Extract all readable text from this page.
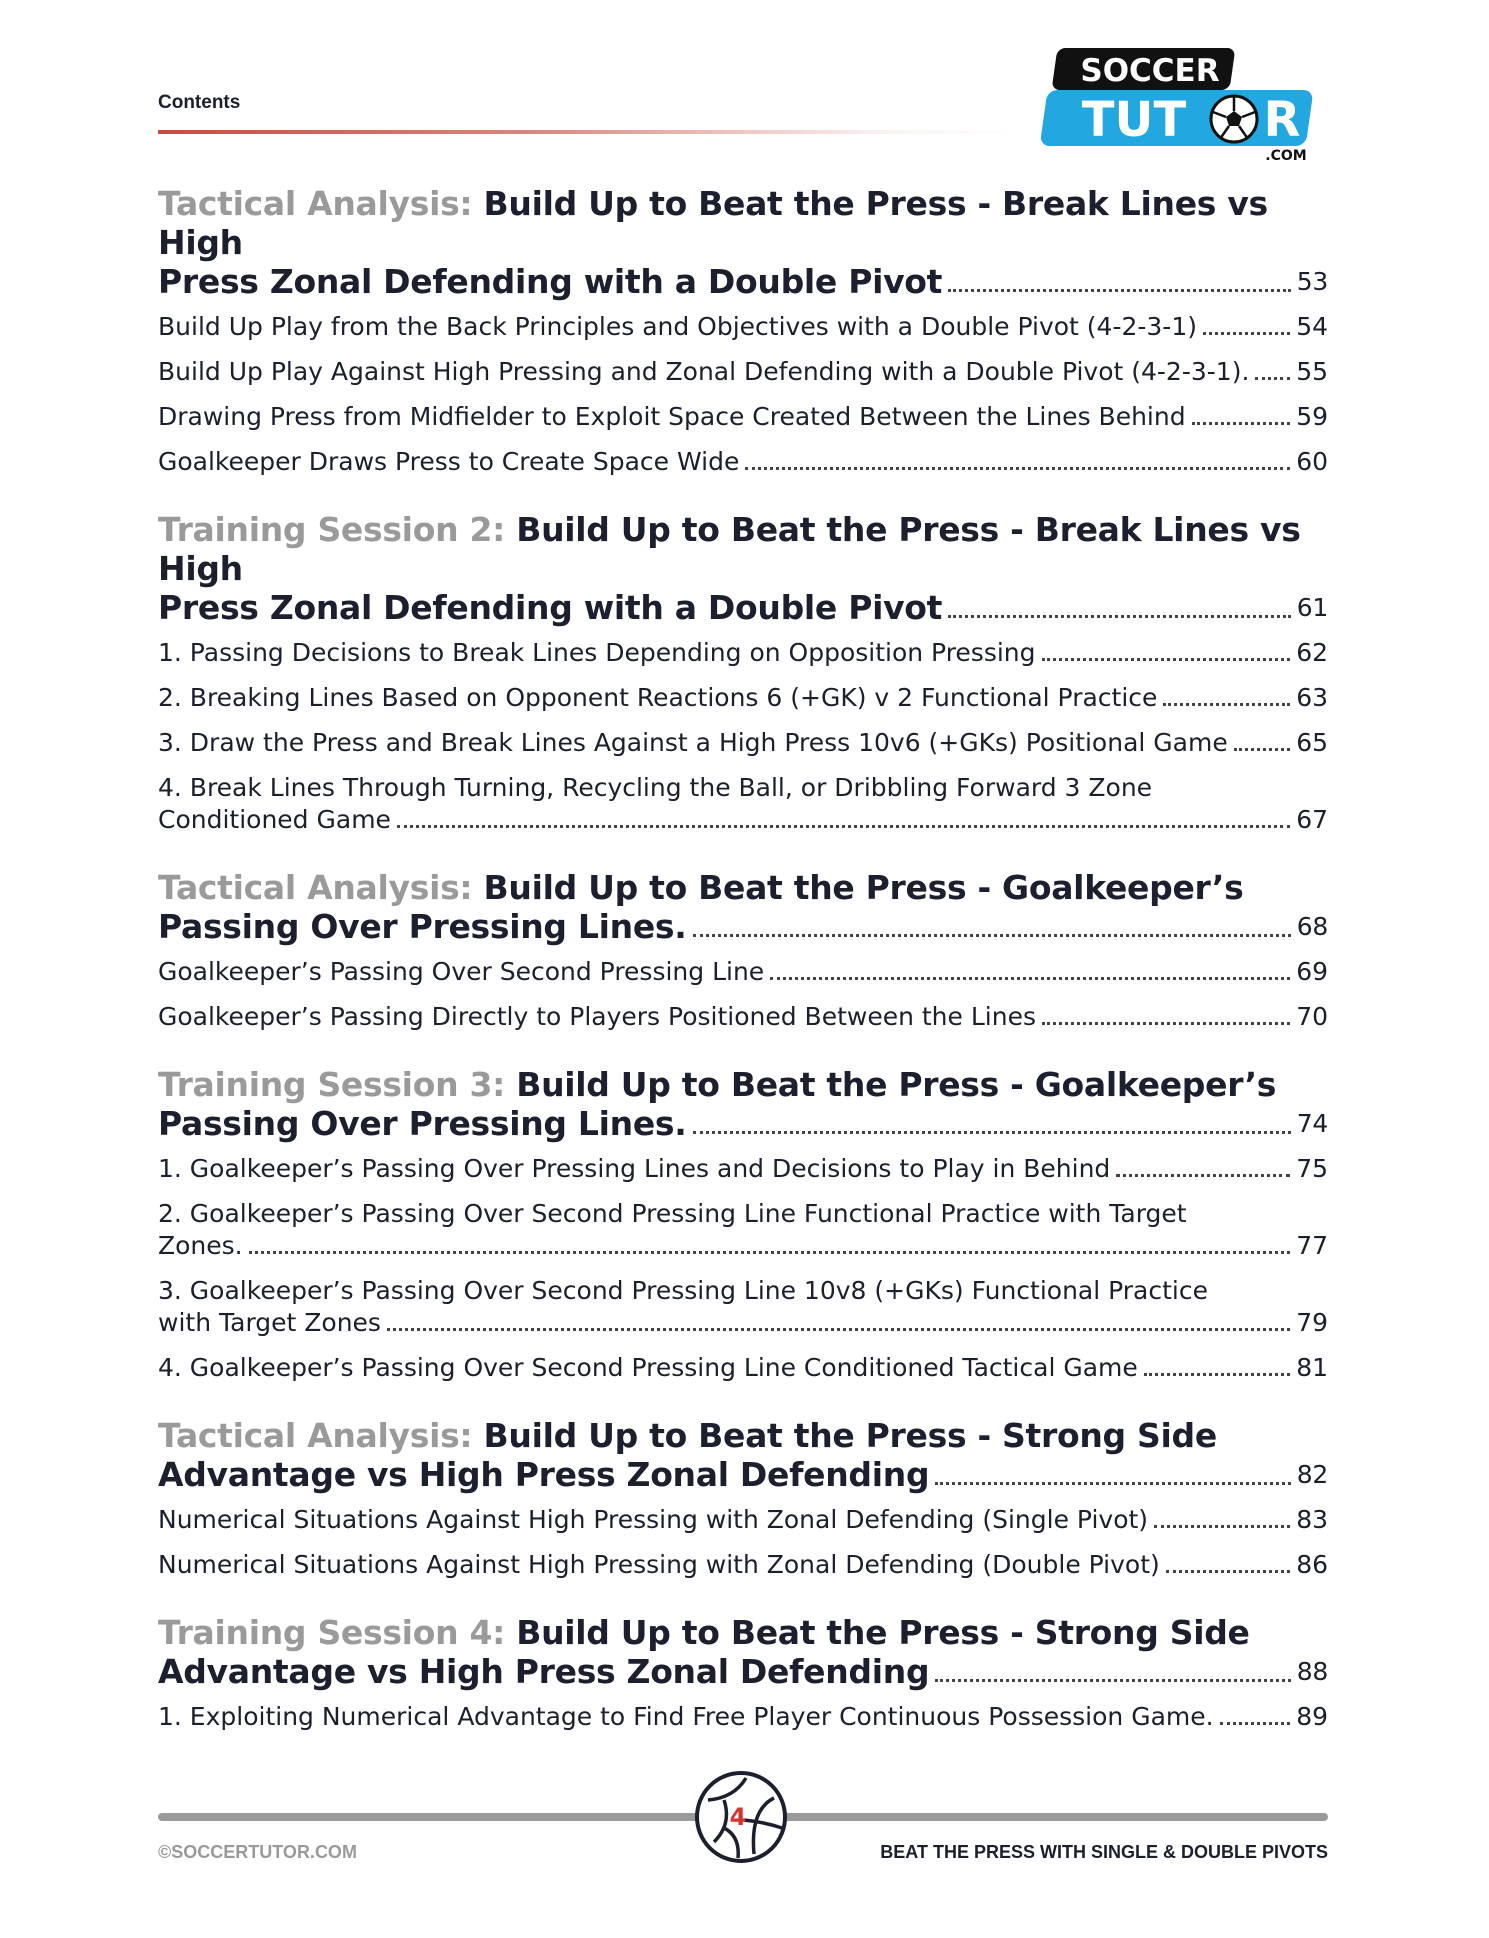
Contents
SOCCER
TUT R
.COM
Tactical Analysis: Build Up to Beat the Press - Break Lines vs High
Press Zonal Defending with a Double Pivot	53
Build Up Play from the Back Principles and Objectives with a Double Pivot (4-2-3-1)	54
Build Up Play Against High Pressing and Zonal Defending with a Double Pivot (4-2-3-1). 55
Drawing Press from Midfielder to Exploit Space Created Between the Lines Behind	59
Goalkeeper Draws Press to Create Space Wide	60
Training Session 2: Build Up to Beat the Press - Break Lines vs High
Press Zonal Defending with a Double Pivot	61
1. Passing Decisions to Break Lines Depending on Opposition Pressing	62
2. Breaking Lines Based on Opponent Reactions 6 (+GK) v 2 Functional Practice	63
3. Draw the Press and Break Lines Against a High Press 10v6 (+GKs) Positional Game	65
4. Break Lines Through Turning, Recycling the Ball, or Dribbling Forward 3 Zone
Conditioned Game	67
Tactical Analysis: Build Up to Beat the Press - Goalkeeper’s
Passing Over Pressing Lines.	68
Goalkeeper’s Passing Over Second Pressing Line	69
Goalkeeper’s Passing Directly to Players Positioned Between the Lines	70
Training Session 3: Build Up to Beat the Press - Goalkeeper’s
Passing Over Pressing Lines.	74
1. Goalkeeper’s Passing Over Pressing Lines and Decisions to Play in Behind	75
2. Goalkeeper’s Passing Over Second Pressing Line Functional Practice with Target
Zones.	77
3. Goalkeeper’s Passing Over Second Pressing Line 10v8 (+GKs) Functional Practice
with Target Zones	79
4. Goalkeeper’s Passing Over Second Pressing Line Conditioned Tactical Game	81
Tactical Analysis: Build Up to Beat the Press - Strong Side
Advantage vs High Press Zonal Defending	82
Numerical Situations Against High Pressing with Zonal Defending (Single Pivot)	83
Numerical Situations Against High Pressing with Zonal Defending (Double Pivot)	86
Training Session 4: Build Up to Beat the Press - Strong Side
Advantage vs High Press Zonal Defending	88
1. Exploiting Numerical Advantage to Find Free Player Continuous Possession Game.	89
4
©SOCCERTUTOR.COM	BEAT THE PRESS WITH SINGLE & DOUBLE PIVOTS
